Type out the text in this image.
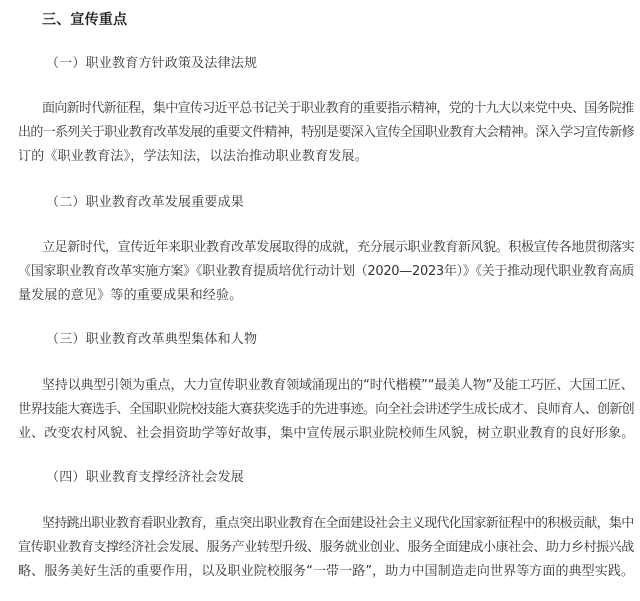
三、宣传重点
（一）职业教育方针政策及法律法规
面向新时代新征程，集中宣传习近平总书记关于职业教育的重要指示精神，党的十九大以来党中央、国务院推
出的一系列关于职业教育改革发展的重要文件精神，特别是要深入宣传全国职业教育大会精神。深入学习宣传新修
订的《职业教育法》，学法知法，以法治推动职业教育发展。
（二）职业教育改革发展重要成果
立足新时代，宣传近年来职业教育改革发展取得的成就，充分展示职业教育新风貌。积极宣传各地贯彻落实
《国家职业教育改革实施方案》《职业教育提质培优行动计划（2020—2023年）》《关于推动现代职业教育高质
量发展的意见》等的重要成果和经验。
（三）职业教育改革典型集体和人物
坚持以典型引领为重点，大力宣传职业教育领域涌现出的“时代楷模”“最美人物”及能工巧匠、大国工匠、
世界技能大赛选手、全国职业院校技能大赛获奖选手的先进事迹。向全社会讲述学生成长成才、良师育人、创新创
业、改变农村风貌、社会捐资助学等好故事，集中宣传展示职业院校师生风貌，树立职业教育的良好形象。
（四）职业教育支撑经济社会发展
坚持跳出职业教育看职业教育，重点突出职业教育在全面建设社会主义现代化国家新征程中的积极贡献，集中
宣传职业教育支撑经济社会发展、服务产业转型升级、服务就业创业、服务全面建成小康社会、助力乡村振兴战
略、服务美好生活的重要作用，以及职业院校服务“一带一路”，助力中国制造走向世界等方面的典型实践。
